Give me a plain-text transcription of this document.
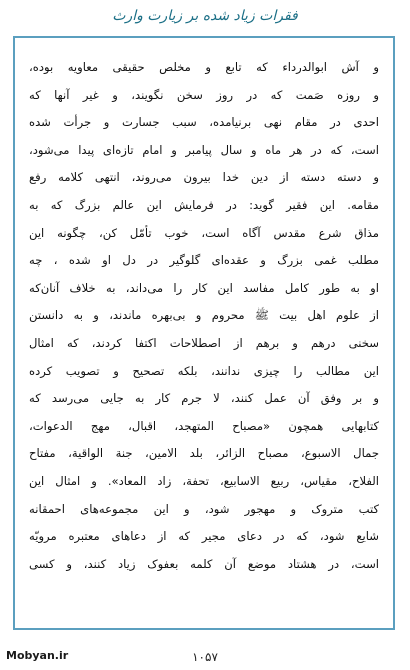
فقرات زیاد شده بر زیارت وارث
و آش ابوالدرداء که تابع و مخلص حقیقی معاویه بوده،
و روزه صَمت که در روز سخن نگویند، و غیر آنها که
احدی در مقام نهی برنیامده، سبب جسارت و جرأت شده
است، که در هر ماه و سال پیامبر و امام تازه‌ای پیدا می‌شود،
و دسته دسته از دین خدا بیرون می‌روند، انتهی کلامه رفع
مقامه. این فقیر گوید: در فرمایش این عالم بزرگ که به
مذاق شرع مقدس آگاه است، خوب تأمّل کن، چگونه این
مطلب غمی بزرگ و عقده‌ای گلوگیر در دل او شده ، چه
او به طور کامل مفاسد این کار را می‌داند، به خلاف آنان‌که
از علوم اهل بیت ﷺ محروم و بی‌بهره ماندند، و به دانستن
سخنی درهم و برهم از اصطلاحات اکتفا کردند، که امثال
این مطالب را چیزی ندانند، بلکه تصحیح و تصویب کرده
و بر وفق آن عمل کنند، لا جرم کار به جایی می‌رسد که
کتابهایی همچون «مصباح المتهجد، اقبال، مهج الدعوات،
جمال الاسبوع، مصباح الزائر، بلد الامین، جنة الواقیة، مفتاح
الفلاح، مقیاس، ربیع الاسابیع، تحفة، زاد المعاد». و امثال این
کتب متروک و مهجور شود، و این مجموعه‌های احمقانه
شایع شود، که در دعای مجیر که از دعاهای معتبره مرویّه
است، در هشتاد موضع آن کلمه بعفوک زیاد کنند، و کسی
۱۰۵۷
Mobyan.ir
